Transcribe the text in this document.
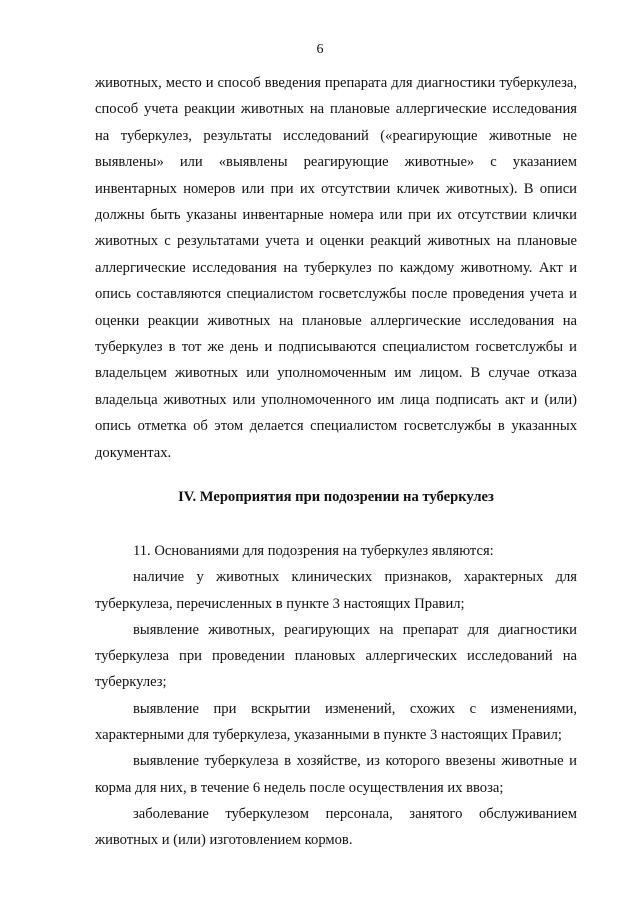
6

животных, место и способ введения препарата для диагностики туберкулеза, способ учета реакции животных на плановые аллергические исследования на туберкулез, результаты исследований («реагирующие животные не выявлены» или «выявлены реагирующие животные» с указанием инвентарных номеров или при их отсутствии кличек животных). В описи должны быть указаны инвентарные номера или при их отсутствии клички животных с результатами учета и оценки реакций животных на плановые аллергические исследования на туберкулез по каждому животному. Акт и опись составляются специалистом госветслужбы после проведения учета и оценки реакции животных на плановые аллергические исследования на туберкулез в тот же день и подписываются специалистом госветслужбы и владельцем животных или уполномоченным им лицом. В случае отказа владельца животных или уполномоченного им лица подписать акт и (или) опись отметка об этом делается специалистом госветслужбы в указанных документах.

IV. Мероприятия при подозрении на туберкулез

11. Основаниями для подозрения на туберкулез являются:

наличие у животных клинических признаков, характерных для туберкулеза, перечисленных в пункте 3 настоящих Правил;

выявление животных, реагирующих на препарат для диагностики туберкулеза при проведении плановых аллергических исследований на туберкулез;

выявление при вскрытии изменений, схожих с изменениями, характерными для туберкулеза, указанными в пункте 3 настоящих Правил;

выявление туберкулеза в хозяйстве, из которого ввезены животные и корма для них, в течение 6 недель после осуществления их ввоза;

заболевание туберкулезом персонала, занятого обслуживанием животных и (или) изготовлением кормов.
